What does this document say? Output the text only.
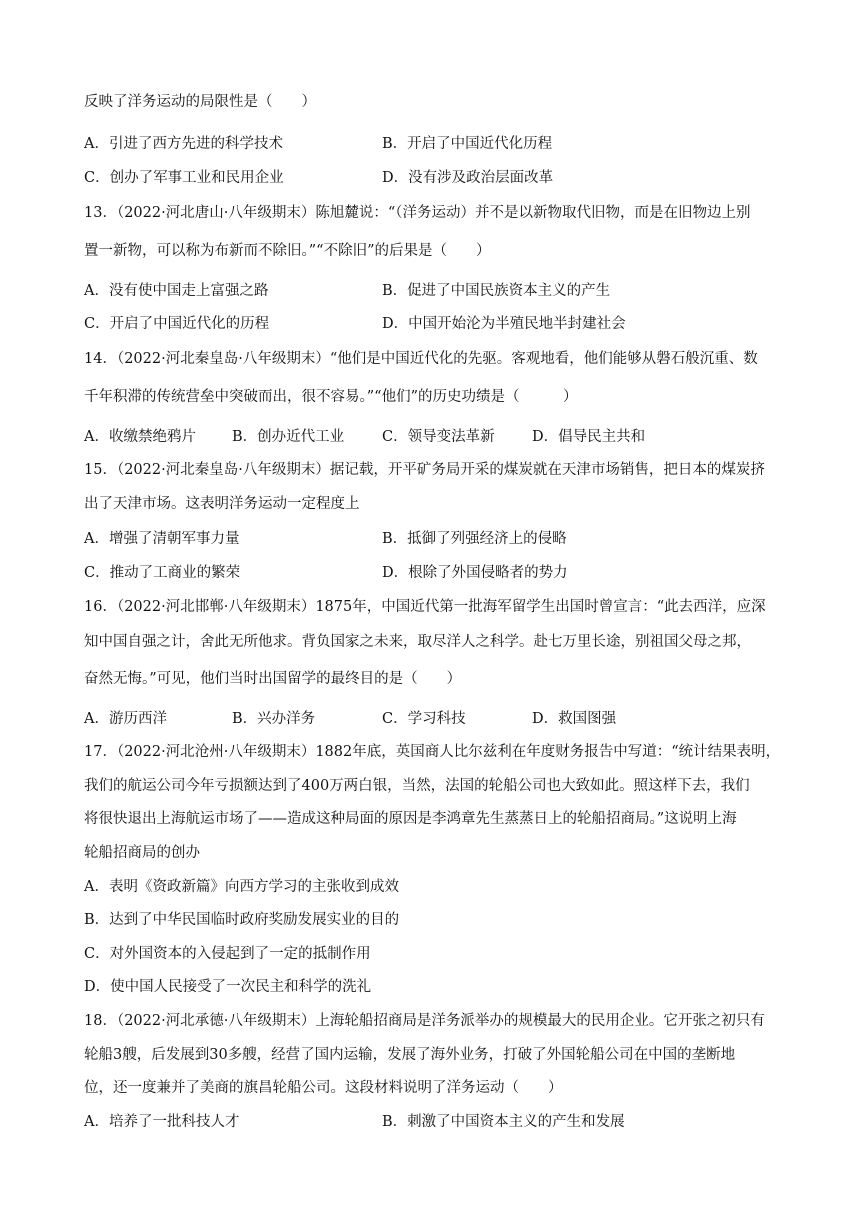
反映了洋务运动的局限性是（　　）
A．引进了西方先进的科学技术	B．开启了中国近代化历程
C．创办了军事工业和民用企业	D．没有涉及政治层面改革
13．（2022·河北唐山·八年级期末）陈旭麓说：“（洋务运动）并不是以新物取代旧物，而是在旧物边上别
置一新物，可以称为布新而不除旧。”“不除旧”的后果是（　　）
A．没有使中国走上富强之路	B．促进了中国民族资本主义的产生
C．开启了中国近代化的历程	D．中国开始沦为半殖民地半封建社会
14．（2022·河北秦皇岛·八年级期末）“他们是中国近代化的先驱。客观地看，他们能够从磐石般沉重、数
千年积滞的传统营垒中突破而出，很不容易。”“他们”的历史功绩是（　　　）
A．收缴禁绝鸦片 B．创办近代工业	C．领导变法革新	D．倡导民主共和
15．（2022·河北秦皇岛·八年级期末）据记载，开平矿务局开采的煤炭就在天津市场销售，把日本的煤炭挤
出了天津市场。这表明洋务运动一定程度上
A．增强了清朝军事力量	B．抵御了列强经济上的侵略
C．推动了工商业的繁荣	D．根除了外国侵略者的势力
16．（2022·河北邯郸·八年级期末）1875年，中国近代第一批海军留学生出国时曾宣言：“此去西洋，应深
知中国自强之计，舍此无所他求。背负国家之未来，取尽洋人之科学。赴七万里长途，别祖国父母之邦，
奋然无悔。”可见，他们当时出国留学的最终目的是（　　）
A．游历西洋	B．兴办洋务	C．学习科技	D．救国图强
17．（2022·河北沧州·八年级期末）1882年底，英国商人比尔兹利在年度财务报告中写道：“统计结果表明，
我们的航运公司今年亏损额达到了400万两白银，当然，法国的轮船公司也大致如此。照这样下去，我们
将很快退出上海航运市场了——造成这种局面的原因是李鸿章先生蒸蒸日上的轮船招商局。”这说明上海
轮船招商局的创办
A．表明《资政新篇》向西方学习的主张收到成效
B．达到了中华民国临时政府奖励发展实业的目的
C．对外国资本的入侵起到了一定的抵制作用
D．使中国人民接受了一次民主和科学的洗礼
18．（2022·河北承德·八年级期末）上海轮船招商局是洋务派举办的规模最大的民用企业。它开张之初只有
轮船3艘，后发展到30多艘，经营了国内运输，发展了海外业务，打破了外国轮船公司在中国的垄断地
位，还一度兼并了美商的旗昌轮船公司。这段材料说明了洋务运动（　　）
A．培养了一批科技人才	B．刺激了中国资本主义的产生和发展
